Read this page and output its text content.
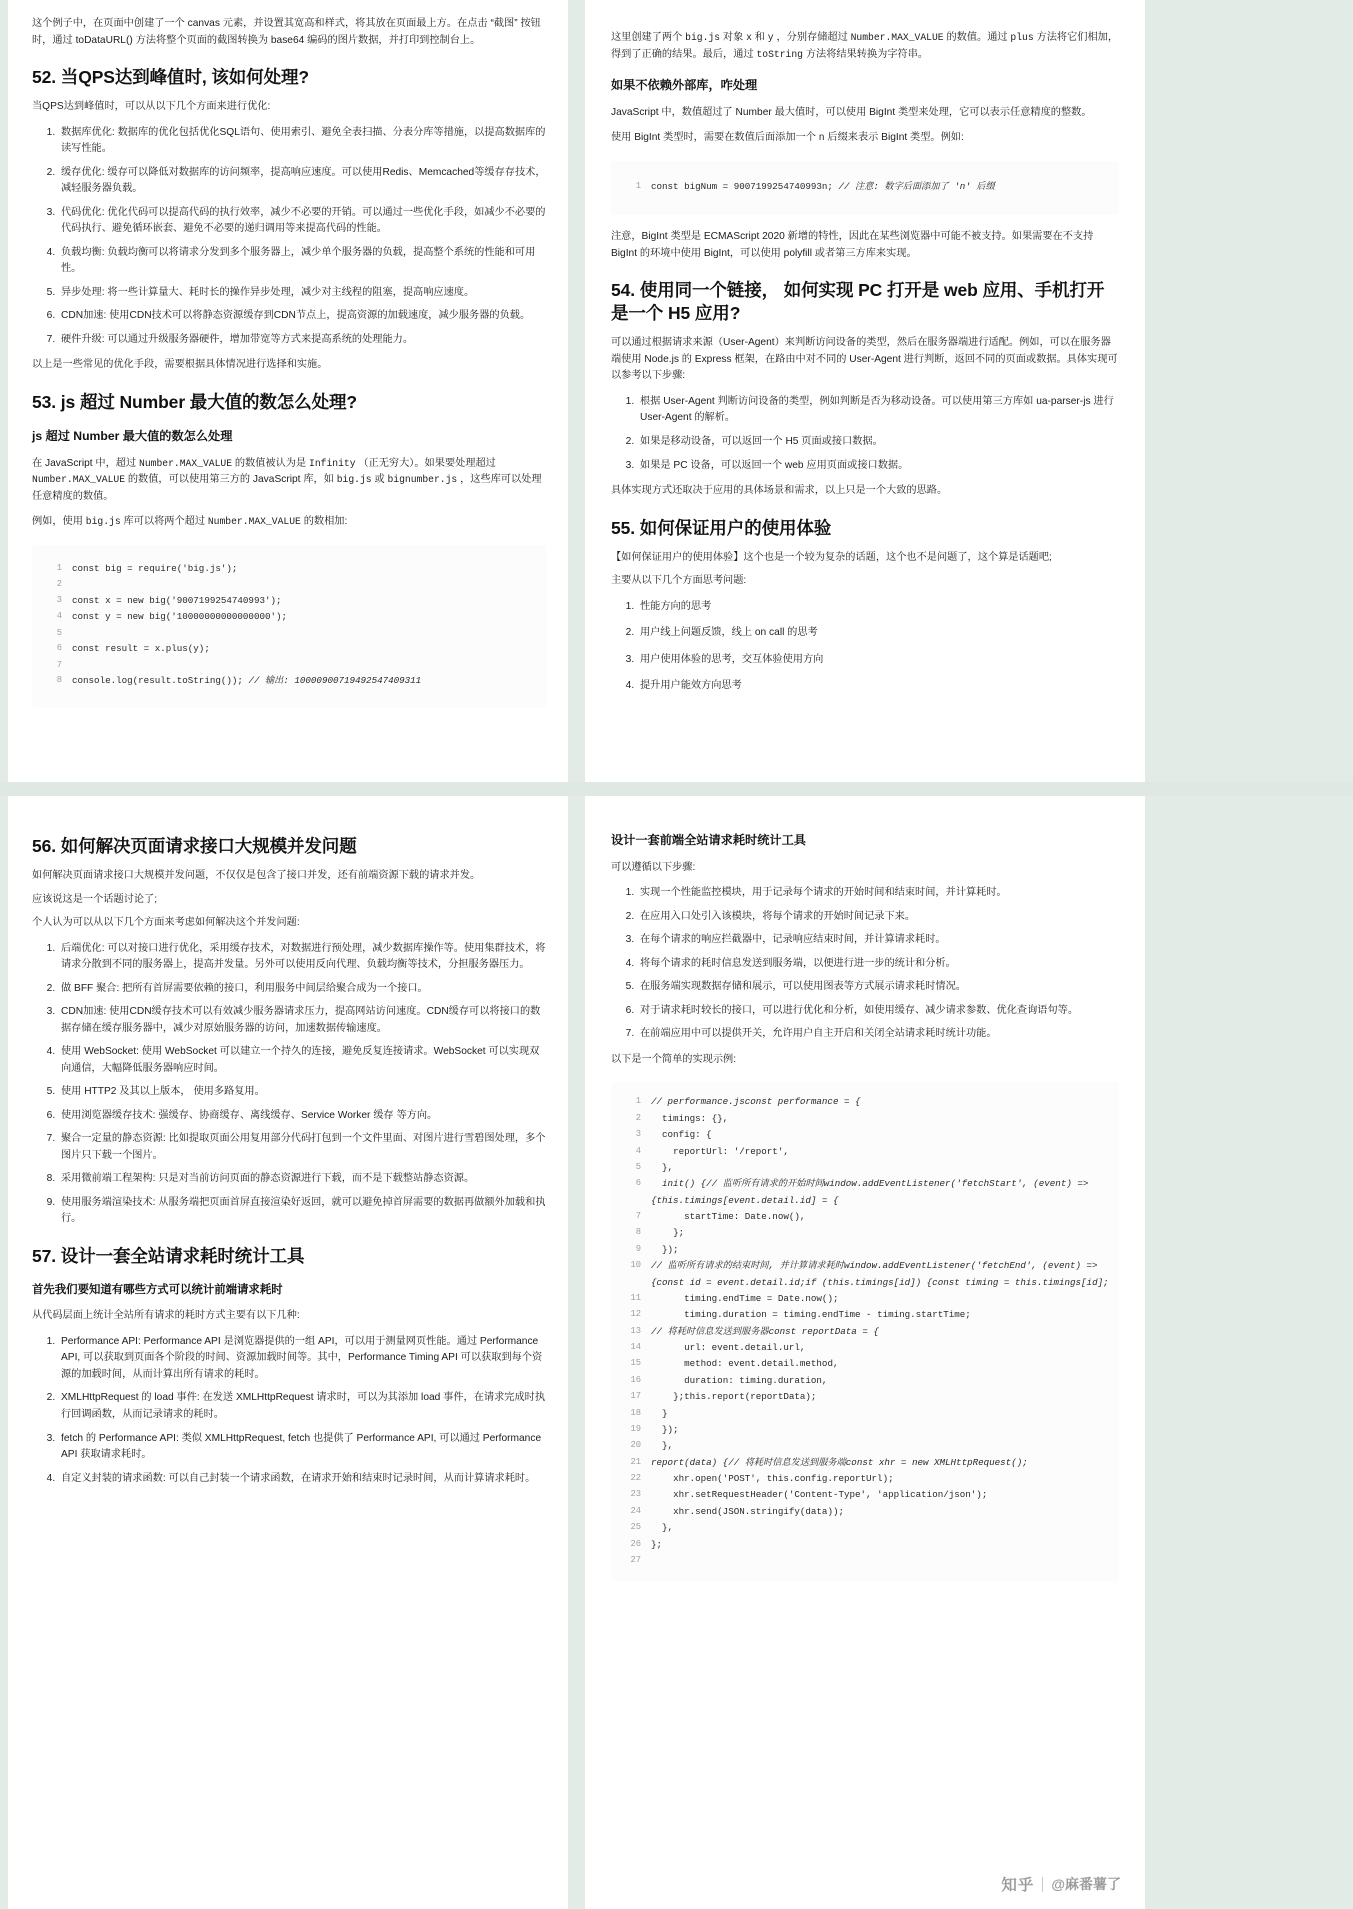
这个例子中，在页面中创建了一个 canvas 元素，并设置其宽高和样式，将其放在页面最上方。在点击 “截图” 按钮时，通过 toDataURL() 方法将整个页面的截图转换为 base64 编码的图片数据，并打印到控制台上。

52. 当QPS达到峰值时, 该如何处理?

当QPS达到峰值时，可以从以下几个方面来进行优化:

1. 数据库优化: 数据库的优化包括优化SQL语句、使用索引、避免全表扫描、分表分库等措施，以提高数据库的读写性能。
2. 缓存优化: 缓存可以降低对数据库的访问频率，提高响应速度。可以使用Redis、Memcached等缓存存技术，减轻服务器负载。
3. 代码优化: 优化代码可以提高代码的执行效率，减少不必要的开销。可以通过一些优化手段，如减少不必要的代码执行、避免循环嵌套、避免不必要的递归调用等来提高代码的性能。
4. 负载均衡: 负载均衡可以将请求分发到多个服务器上，减少单个服务器的负载，提高整个系统的性能和可用性。
5. 异步处理: 将一些计算量大、耗时长的操作异步处理，减少对主线程的阻塞，提高响应速度。
6. CDN加速: 使用CDN技术可以将静态资源缓存到CDN节点上，提高资源的加载速度，减少服务器的负载。
7. 硬件升级: 可以通过升级服务器硬件，增加带宽等方式来提高系统的处理能力。

以上是一些常见的优化手段，需要根据具体情况进行选择和实施。

53. js 超过 Number 最大值的数怎么处理?
js 超过 Number 最大值的数怎么处理

在 JavaScript 中，超过 Number.MAX_VALUE 的数值被认为是 Infinity （正无穷大）。如果要处理超过 Number.MAX_VALUE 的数值，可以使用第三方的 JavaScript 库，如 big.js 或 bignumber.js ，这些库可以处理任意精度的数值。

例如，使用 big.js 库可以将两个超过 Number.MAX_VALUE 的数相加:

1	const big = require('big.js');
2
3	const x = new big('9007199254740993');
4	const y = new big('10000000000000000');
5
6	const result = x.plus(y);
7
8	console.log(result.toString()); // 输出: 10000900719492547409311

这里创建了两个 big.js 对象 x 和 y ，分别存储超过 Number.MAX_VALUE 的数值。通过 plus 方法将它们相加，得到了正确的结果。最后，通过 toString 方法将结果转换为字符串。

如果不依赖外部库，咋处理

JavaScript 中，数值超过了 Number 最大值时，可以使用 BigInt 类型来处理，它可以表示任意精度的整数。

使用 BigInt 类型时，需要在数值后面添加一个 n 后缀来表示 BigInt 类型。例如:

1	const bigNum = 9007199254740993n; // 注意: 数字后面添加了 'n' 后缀

注意，BigInt 类型是 ECMAScript 2020 新增的特性，因此在某些浏览器中可能不被支持。如果需要在不支持 BigInt 的环境中使用 BigInt，可以使用 polyfill 或者第三方库来实现。

54. 使用同一个链接， 如何实现 PC 打开是 web 应用、手机打开是一个 H5 应用?

可以通过根据请求来源（User-Agent）来判断访问设备的类型，然后在服务器端进行适配。例如，可以在服务器端使用 Node.js 的 Express 框架，在路由中对不同的 User-Agent 进行判断，返回不同的页面或数据。具体实现可以参考以下步骤:

1. 根据 User-Agent 判断访问设备的类型，例如判断是否为移动设备。可以使用第三方库如 ua-parser-js 进行 User-Agent 的解析。
2. 如果是移动设备，可以返回一个 H5 页面或接口数据。
3. 如果是 PC 设备，可以返回一个 web 应用页面或接口数据。

具体实现方式还取决于应用的具体场景和需求，以上只是一个大致的思路。

55. 如何保证用户的使用体验

【如何保证用户的使用体验】这个也是一个较为复杂的话题，这个也不是问题了，这个算是话题吧;

主要从以下几个方面思考问题:

1. 性能方向的思考
2. 用户线上问题反馈，线上 on call 的思考
3. 用户使用体验的思考，交互体验使用方向
4. 提升用户能效方向思考
56. 如何解决页面请求接口大规模并发问题

如何解决页面请求接口大规模并发问题，不仅仅是包含了接口并发，还有前端资源下载的请求并发。

应该说这是一个话题讨论了;

个人认为可以从以下几个方面来考虑如何解决这个并发问题:

1. 后端优化: 可以对接口进行优化，采用缓存技术，对数据进行预处理，减少数据库操作等。使用集群技术，将请求分散到不同的服务器上，提高并发量。另外可以使用反向代理、负载均衡等技术，分担服务器压力。
2. 做 BFF 聚合: 把所有首屏需要依赖的接口，利用服务中间层给聚合成为一个接口。
3. CDN加速: 使用CDN缓存技术可以有效减少服务器请求压力，提高网站访问速度。CDN缓存可以将接口的数据存储在缓存服务器中，减少对原始服务器的访问，加速数据传输速度。
4. 使用 WebSocket: 使用 WebSocket 可以建立一个持久的连接，避免反复连接请求。WebSocket 可以实现双向通信，大幅降低服务器响应时间。
5. 使用 HTTP2 及其以上版本， 使用多路复用。
6. 使用浏览器缓存技术: 强缓存、协商缓存、离线缓存、Service Worker 缓存 等方向。
7. 聚合一定量的静态资源: 比如提取页面公用复用部分代码打包到一个文件里面、对图片进行雪碧图处理，多个图片只下载一个图片。
8. 采用微前端工程架构: 只是对当前访问页面的静态资源进行下载，而不是下载整站静态资源。
9. 使用服务端渲染技术: 从服务端把页面首屏直接渲染好返回，就可以避免掉首屏需要的数据再做额外加载和执行。
57. 设计一套全站请求耗时统计工具
首先我们要知道有哪些方式可以统计前端请求耗时

从代码层面上统计全站所有请求的耗时方式主要有以下几种:

1. Performance API: Performance API 是浏览器提供的一组 API，可以用于测量网页性能。通过 Performance API, 可以获取到页面各个阶段的时间、资源加载时间等。其中，Performance Timing API 可以获取到每个资源的加载时间，从而计算出所有请求的耗时。
2. XMLHttpRequest 的 load 事件: 在发送 XMLHttpRequest 请求时，可以为其添加 load 事件，在请求完成时执行回调函数，从而记录请求的耗时。
3. fetch 的 Performance API: 类似 XMLHttpRequest, fetch 也提供了 Performance API, 可以通过 Performance API 获取请求耗时。
4. 自定义封装的请求函数: 可以自己封装一个请求函数，在请求开始和结束时记录时间，从而计算请求耗时。
设计一套前端全站请求耗时统计工具

可以遵循以下步骤:

1. 实现一个性能监控模块，用于记录每个请求的开始时间和结束时间，并计算耗时。
2. 在应用入口处引入该模块，将每个请求的开始时间记录下来。
3. 在每个请求的响应拦截器中，记录响应结束时间，并计算请求耗时。
4. 将每个请求的耗时信息发送到服务端，以便进行进一步的统计和分析。
5. 在服务端实现数据存储和展示，可以使用图表等方式展示请求耗时情况。
6. 对于请求耗时较长的接口，可以进行优化和分析，如使用缓存、减少请求参数、优化查询语句等。
7. 在前端应用中可以提供开关，允许用户自主开启和关闭全站请求耗时统计功能。

以下是一个简单的实现示例:

1	// performance.jsconst performance = {
2	timings: {},
3	config: {
4	reportUrl: '/report',
5	},
6	init() {// 监听所有请求的开始时间window.addEventListener('fetchStart', (event) => {this.timings[event.detail.id] = {
7	startTime: Date.now(),
8	};
9	});
10	// 监听所有请求的结束时间, 并计算请求耗时window.addEventListener('fetchEnd', (event) => {const id = event.detail.id;if (this.timings[id]) {const timing = this.timings[id];
11	timing.endTime = Date.now();
12	timing.duration = timing.endTime - timing.startTime;
13	// 将耗时信息发送到服务器const reportData = {
14	url: event.detail.url,
15	method: event.detail.method,
16	duration: timing.duration,
17	};this.report(reportData);
18	}
19	});
20	},
21	report(data) {// 将耗时信息发送到服务端const xhr = new XMLHttpRequest();
22	xhr.open('POST', this.config.reportUrl);
23	xhr.setRequestHeader('Content-Type', 'application/json');
24	xhr.send(JSON.stringify(data));
25	},
26	};
27
知乎 @麻番薯了
